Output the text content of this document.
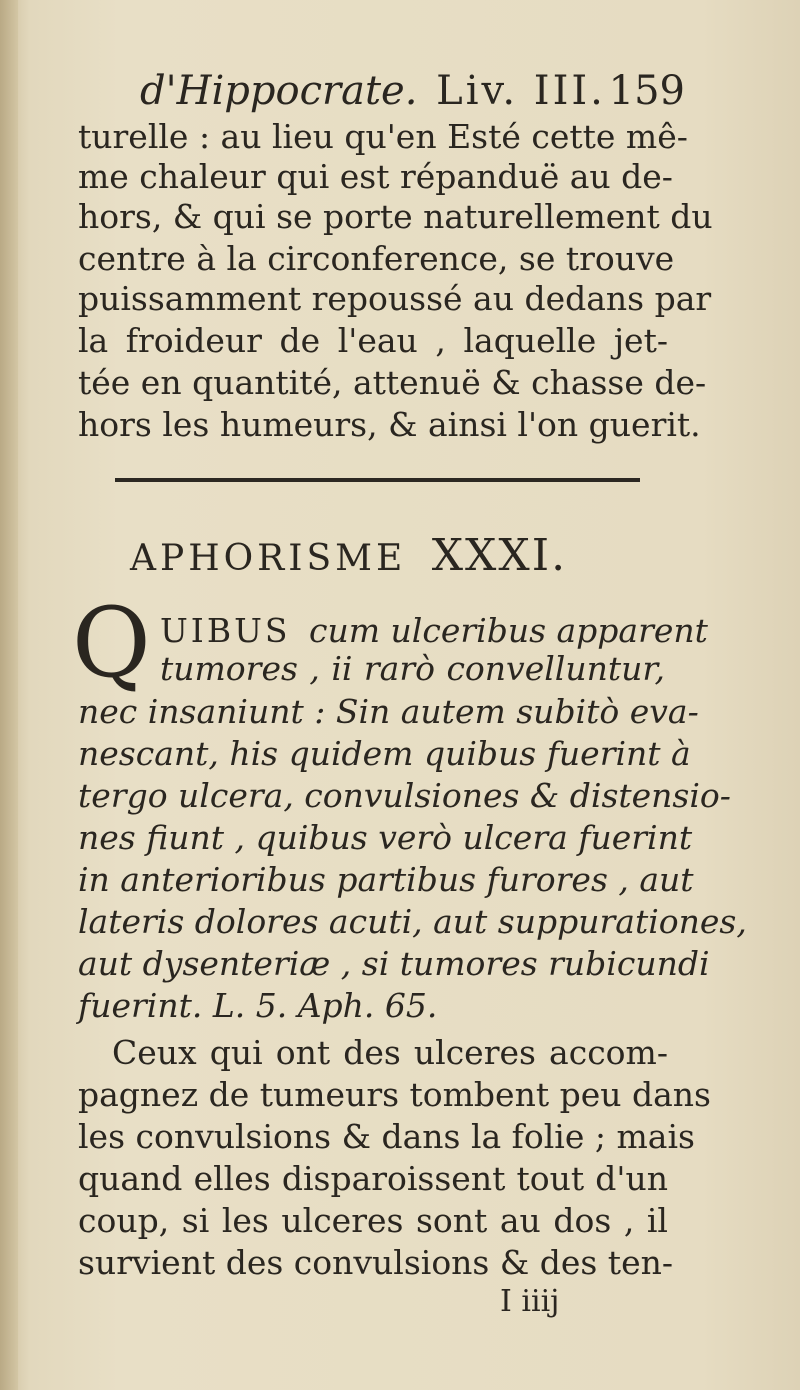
d'Hippocrate. Liv. III. 159
turelle : au lieu qu'en Esté cette mê-
me chaleur qui est répanduë au de-
hors, & qui se porte naturellement du
centre à la circonference, se trouve
puissamment repoussé au dedans par
la froideur de l'eau , laquelle jet-
tée en quantité, attenuë & chasse de-
hors les humeurs, & ainsi l'on guerit.
APHORISME XXXI.
Q UIBUS cum ulceribus apparent
tumores , ii rarò convelluntur,
nec insaniunt : Sin autem subitò eva-
nescant, his quidem quibus fuerint à
tergo ulcera, convulsiones & distensio-
nes fiunt , quibus verò ulcera fuerint
in anterioribus partibus furores , aut
lateris dolores acuti, aut suppurationes,
aut dysenteriæ , si tumores rubicundi
fuerint. L. 5. Aph. 65.
Ceux qui ont des ulceres accom-
pagnez de tumeurs tombent peu dans
les convulsions & dans la folie ; mais
quand elles disparoissent tout d'un
coup, si les ulceres sont au dos , il
survient des convulsions & des ten-
I iiij
